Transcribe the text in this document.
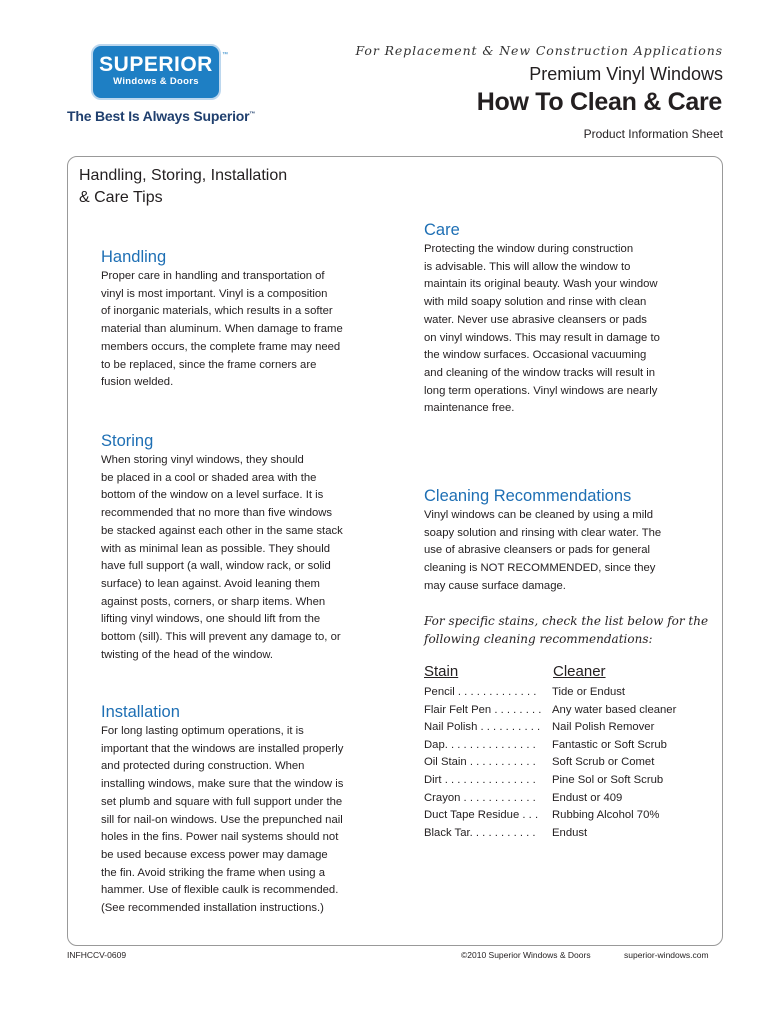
SUPERIOR
Windows & Doors
™
The Best Is Always Superior™
For Replacement & New Construction Applications
Premium Vinyl Windows
How To Clean & Care
Product Information Sheet
Handling, Storing, Installation
& Care Tips
Handling
Proper care in handling and transportation of
vinyl is most important. Vinyl is a composition
of inorganic materials, which results in a softer
material than aluminum. When damage to frame
members occurs, the complete frame may need
to be replaced, since the frame corners are
fusion welded.
Storing
When storing vinyl windows, they should
be placed in a cool or shaded area with the
bottom of the window on a level surface. It is
recommended that no more than five windows
be stacked against each other in the same stack
with as minimal lean as possible. They should
have full support (a wall, window rack, or solid
surface) to lean against. Avoid leaning them
against posts, corners, or sharp items. When
lifting vinyl windows, one should lift from the
bottom (sill). This will prevent any damage to, or
twisting of the head of the window.
Installation
For long lasting optimum operations, it is
important that the windows are installed properly
and protected during construction. When
installing windows, make sure that the window is
set plumb and square with full support under the
sill for nail-on windows. Use the prepunched nail
holes in the fins. Power nail systems should not
be used because excess power may damage
the fin. Avoid striking the frame when using a
hammer. Use of flexible caulk is recommended.
(See recommended installation instructions.)
Care
Protecting the window during construction
is advisable. This will allow the window to
maintain its original beauty. Wash your window
with mild soapy solution and rinse with clean
water. Never use abrasive cleansers or pads
on vinyl windows. This may result in damage to
the window surfaces. Occasional vacuuming
and cleaning of the window tracks will result in
long term operations. Vinyl windows are nearly
maintenance free.
Cleaning Recommendations
Vinyl windows can be cleaned by using a mild
soapy solution and rinsing with clear water. The
use of abrasive cleansers or pads for general
cleaning is NOT RECOMMENDED, since they
may cause surface damage.
For specific stains, check the list below for the
following cleaning recommendations:
Stain	Cleaner
Pencil . . . . . . . . . . . . . Tide or Endust
Flair Felt Pen . . . . . . . . Any water based cleaner
Nail Polish . . . . . . . . . . Nail Polish Remover
Dap. . . . . . . . . . . . . . . Fantastic or Soft Scrub
Oil Stain . . . . . . . . . . . Soft Scrub or Comet
Dirt . . . . . . . . . . . . . . . Pine Sol or Soft Scrub
Crayon . . . . . . . . . . . . Endust or 409
Duct Tape Residue . . . Rubbing Alcohol 70%
Black Tar. . . . . . . . . . . Endust
INFHCCV-0609	©2010 Superior Windows & Doors	superior-windows.com
